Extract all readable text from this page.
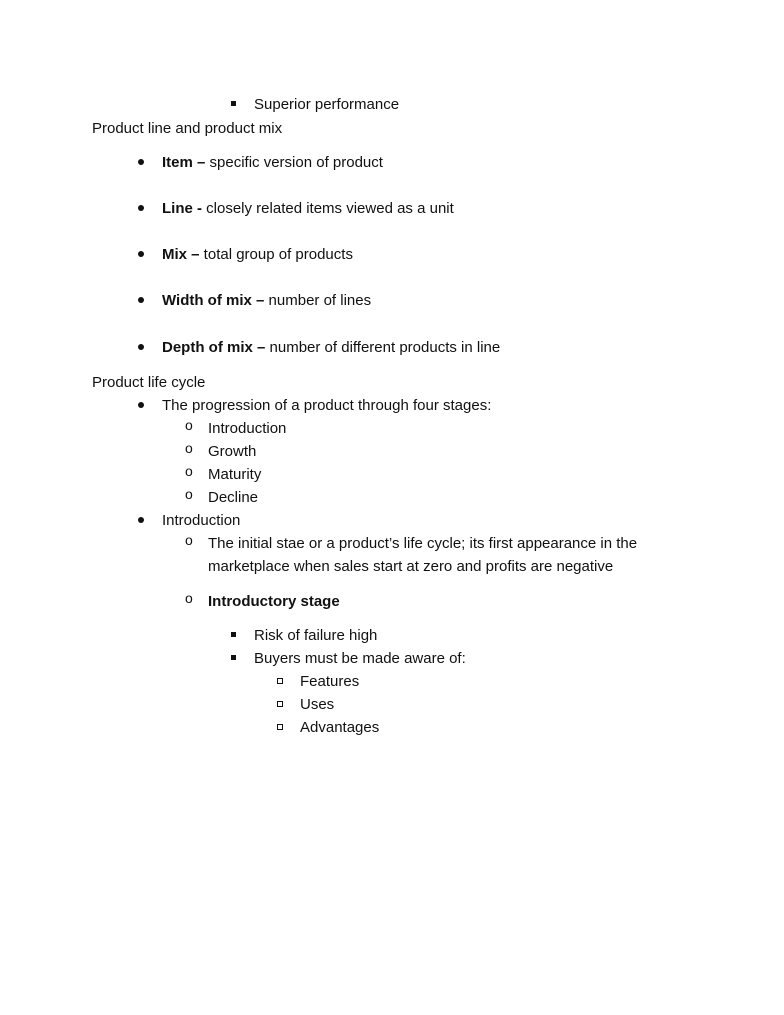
Superior performance
Product line and product mix
Item – specific version of product
Line - closely related items viewed as a unit
Mix – total group of products
Width of mix – number of lines
Depth of mix – number of different products in line
Product life cycle
The progression of a product through four stages:
o Introduction
o Growth
o Maturity
o Decline
Introduction
o The initial stae or a product’s life cycle; its first appearance in the
marketplace when sales start at zero and profits are negative
o Introductory stage
Risk of failure high
Buyers must be made aware of:
Features
Uses
Advantages
